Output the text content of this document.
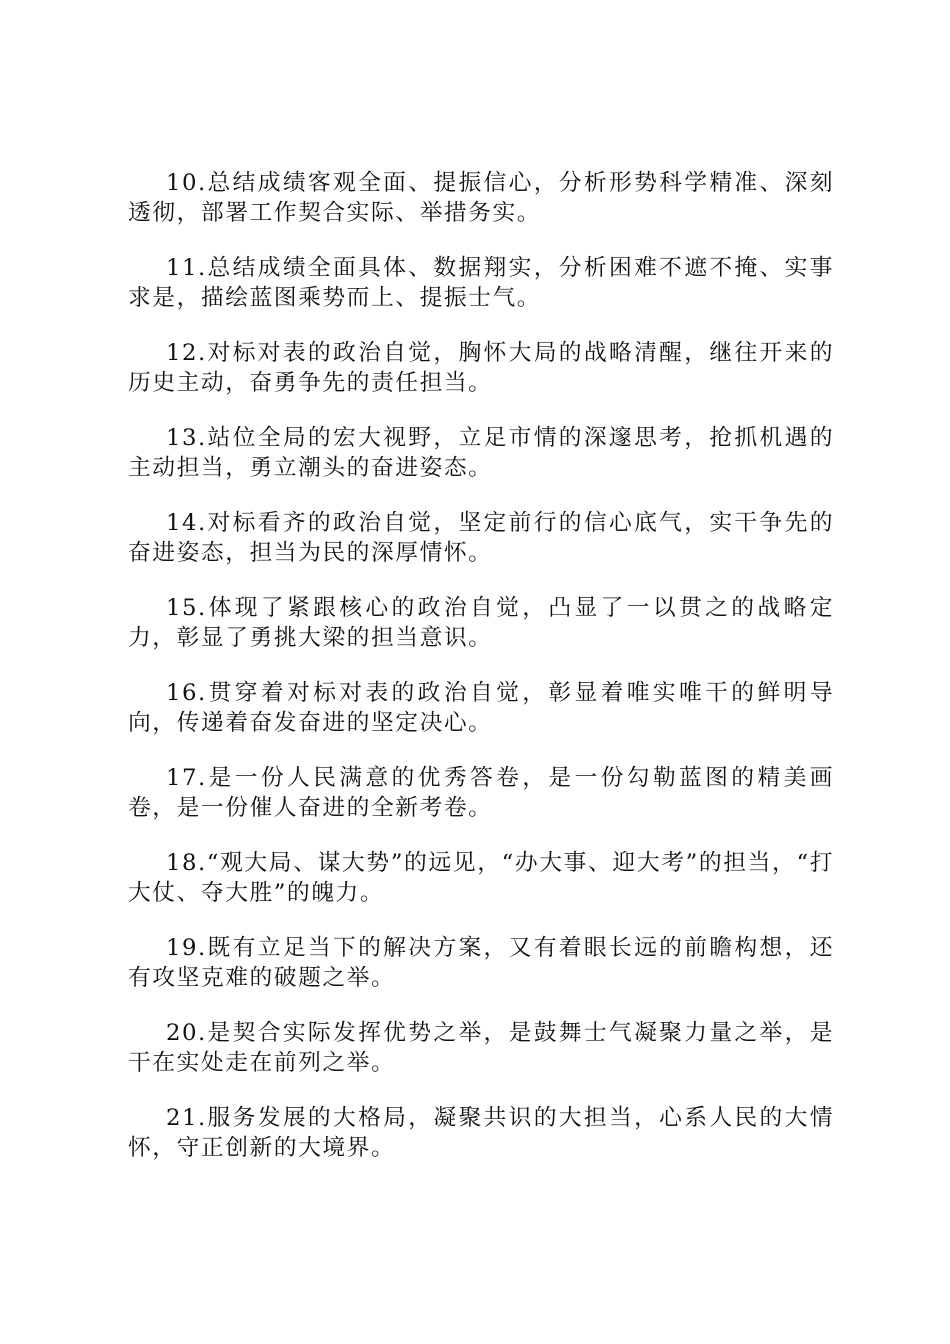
10.总结成绩客观全面、提振信心，分析形势科学精准、深刻透彻，部署工作契合实际、举措务实。

11.总结成绩全面具体、数据翔实，分析困难不遮不掩、实事求是，描绘蓝图乘势而上、提振士气。

12.对标对表的政治自觉，胸怀大局的战略清醒，继往开来的历史主动，奋勇争先的责任担当。

13.站位全局的宏大视野，立足市情的深邃思考，抢抓机遇的主动担当，勇立潮头的奋进姿态。

14.对标看齐的政治自觉，坚定前行的信心底气，实干争先的奋进姿态，担当为民的深厚情怀。

15.体现了紧跟核心的政治自觉，凸显了一以贯之的战略定力，彰显了勇挑大梁的担当意识。

16.贯穿着对标对表的政治自觉，彰显着唯实唯干的鲜明导向，传递着奋发奋进的坚定决心。

17.是一份人民满意的优秀答卷，是一份勾勒蓝图的精美画卷，是一份催人奋进的全新考卷。

18.“观大局、谋大势”的远见，“办大事、迎大考”的担当，“打大仗、夺大胜”的魄力。

19.既有立足当下的解决方案，又有着眼长远的前瞻构想，还有攻坚克难的破题之举。

20.是契合实际发挥优势之举，是鼓舞士气凝聚力量之举，是干在实处走在前列之举。

21.服务发展的大格局，凝聚共识的大担当，心系人民的大情怀，守正创新的大境界。
